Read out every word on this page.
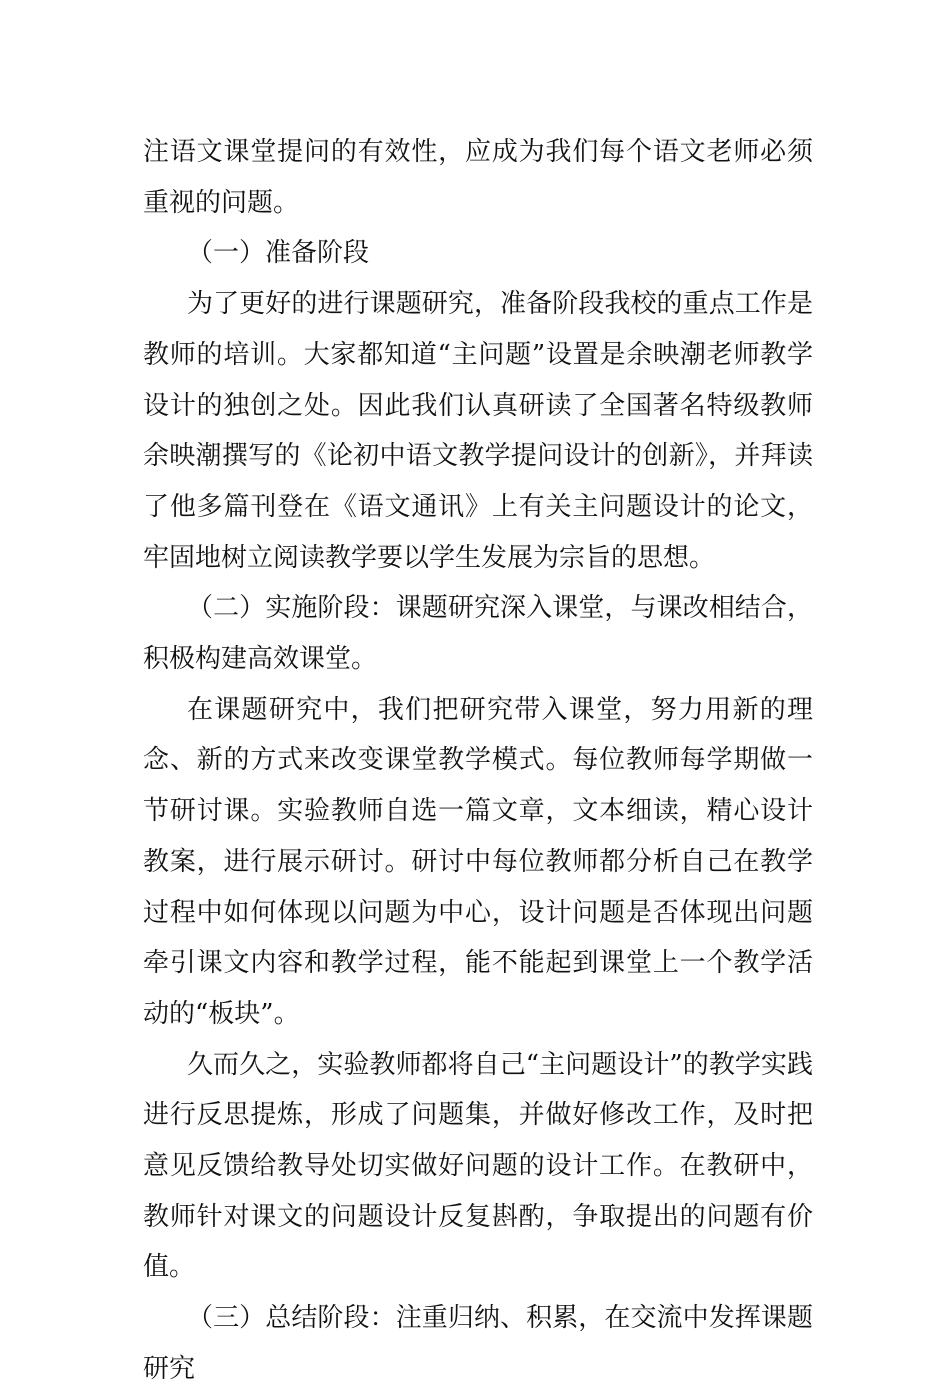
注语文课堂提问的有效性，应成为我们每个语文老师必须重视的问题。

（一）准备阶段

为了更好的进行课题研究，准备阶段我校的重点工作是教师的培训。大家都知道“主问题”设置是余映潮老师教学设计的独创之处。因此我们认真研读了全国著名特级教师余映潮撰写的《论初中语文教学提问设计的创新》，并拜读了他多篇刊登在《语文通讯》上有关主问题设计的论文，牢固地树立阅读教学要以学生发展为宗旨的思想。

（二）实施阶段：课题研究深入课堂，与课改相结合，积极构建高效课堂。

在课题研究中，我们把研究带入课堂，努力用新的理念、新的方式来改变课堂教学模式。每位教师每学期做一节研讨课。实验教师自选一篇文章，文本细读，精心设计教案，进行展示研讨。研讨中每位教师都分析自己在教学过程中如何体现以问题为中心，设计问题是否体现出问题牵引课文内容和教学过程，能不能起到课堂上一个教学活动的“板块”。

久而久之，实验教师都将自己“主问题设计”的教学实践进行反思提炼，形成了问题集，并做好修改工作，及时把意见反馈给教导处切实做好问题的设计工作。在教研中，教师针对课文的问题设计反复斟酌，争取提出的问题有价值。

（三）总结阶段：注重归纳、积累，在交流中发挥课题研究
